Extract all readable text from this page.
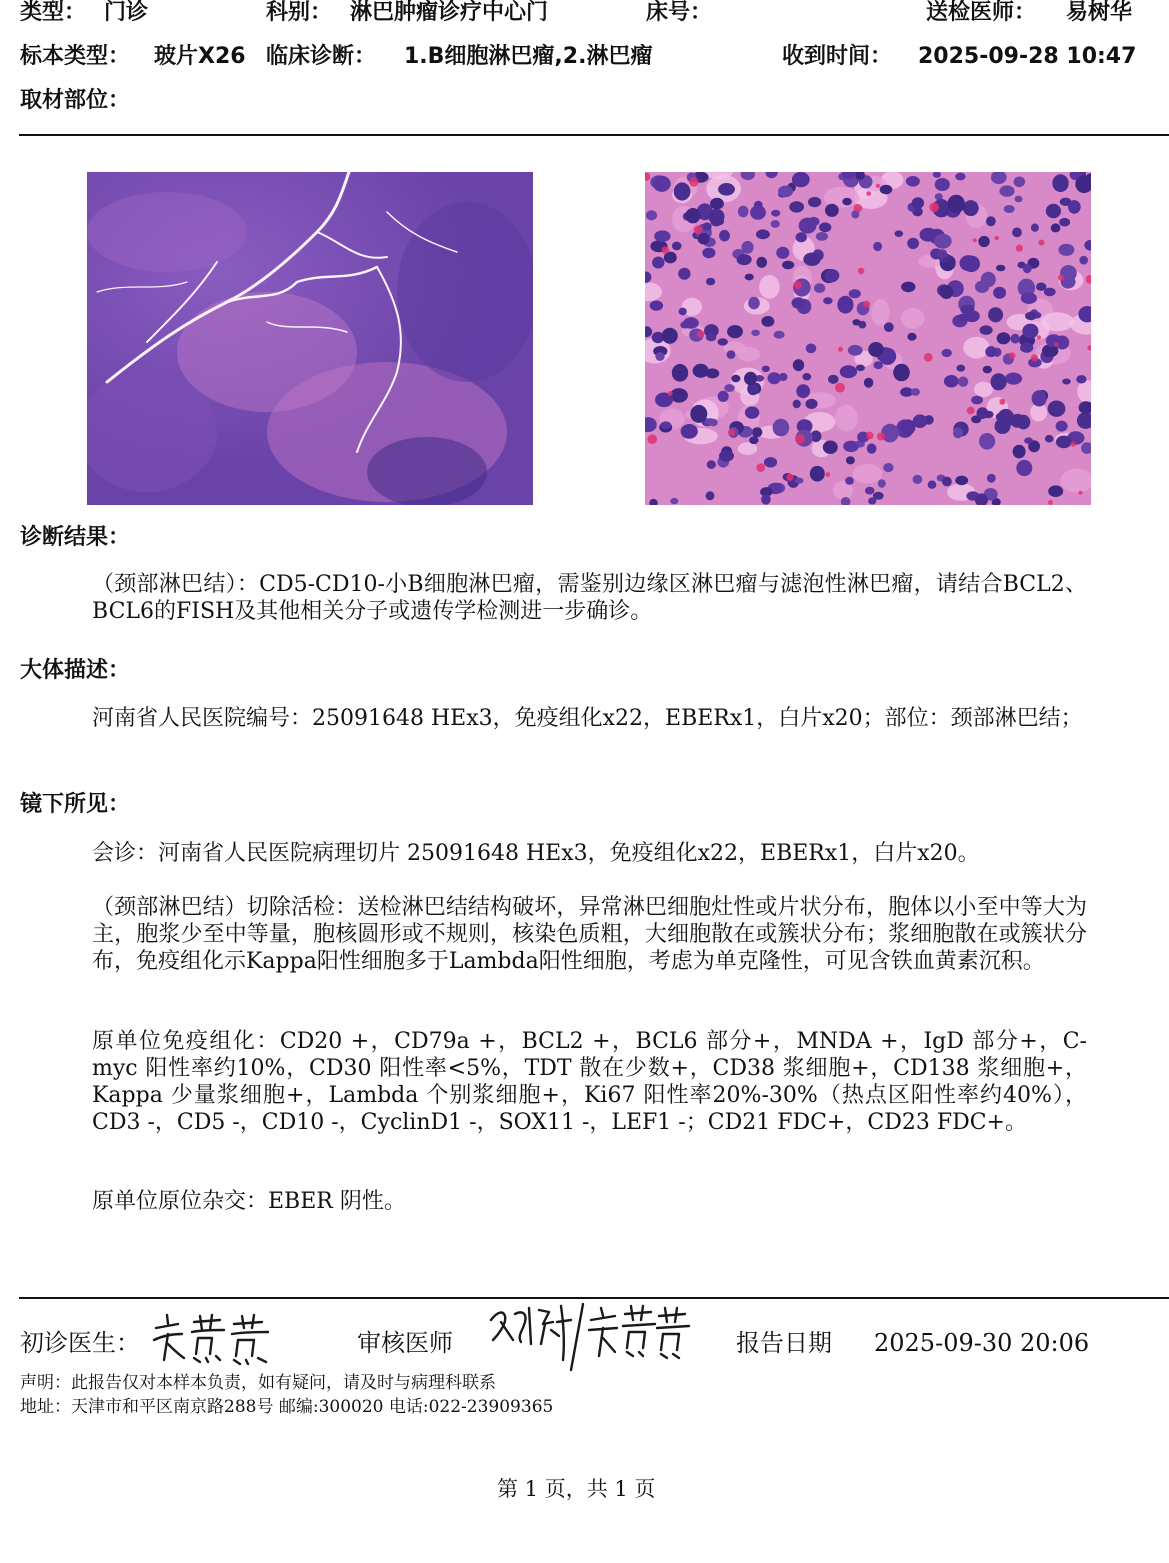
类型： 门诊	科别： 淋巴肿瘤诊疗中心门	床号：	送检医师： 易树华
标本类型： 玻片X26 临床诊断： 1.B细胞淋巴瘤,2.淋巴瘤	收到时间： 2025-09-28 10:47
取材部位：
诊断结果：

（颈部淋巴结）：CD5-CD10-小B细胞淋巴瘤，需鉴别边缘区淋巴瘤与滤泡性淋巴瘤，请结合BCL2、BCL6的FISH及其他相关分子或遗传学检测进一步确诊。

大体描述：

河南省人民医院编号：25091648 HEx3，免疫组化x22，EBERx1，白片x20；部位：颈部淋巴结；

镜下所见：

会诊：河南省人民医院病理切片 25091648 HEx3，免疫组化x22，EBERx1，白片x20。

（颈部淋巴结）切除活检：送检淋巴结结构破坏，异常淋巴细胞灶性或片状分布，胞体以小至中等大为主，胞浆少至中等量，胞核圆形或不规则，核染色质粗，大细胞散在或簇状分布；浆细胞散在或簇状分布，免疫组化示Kappa阳性细胞多于Lambda阳性细胞，考虑为单克隆性，可见含铁血黄素沉积。

原单位免疫组化：CD20 +，CD79a +，BCL2 +，BCL6 部分+，MNDA +，IgD 部分+，C-myc 阳性率约10%，CD30 阳性率<5%，TDT 散在少数+，CD38 浆细胞+，CD138 浆细胞+，Kappa 少量浆细胞+，Lambda 个别浆细胞+，Ki67 阳性率20%-30%（热点区阳性率约40%），CD3 -，CD5 -，CD10 -，CyclinD1 -，SOX11 -，LEF1 -；CD21 FDC+，CD23 FDC+。

原单位原位杂交：EBER 阴性。

初诊医生：	审核医师	报告日期 2025-09-30 20:06
声明：此报告仅对本样本负责，如有疑问，请及时与病理科联系
地址：天津市和平区南京路288号 邮编:300020 电话:022-23909365
第 1 页，共 1 页
